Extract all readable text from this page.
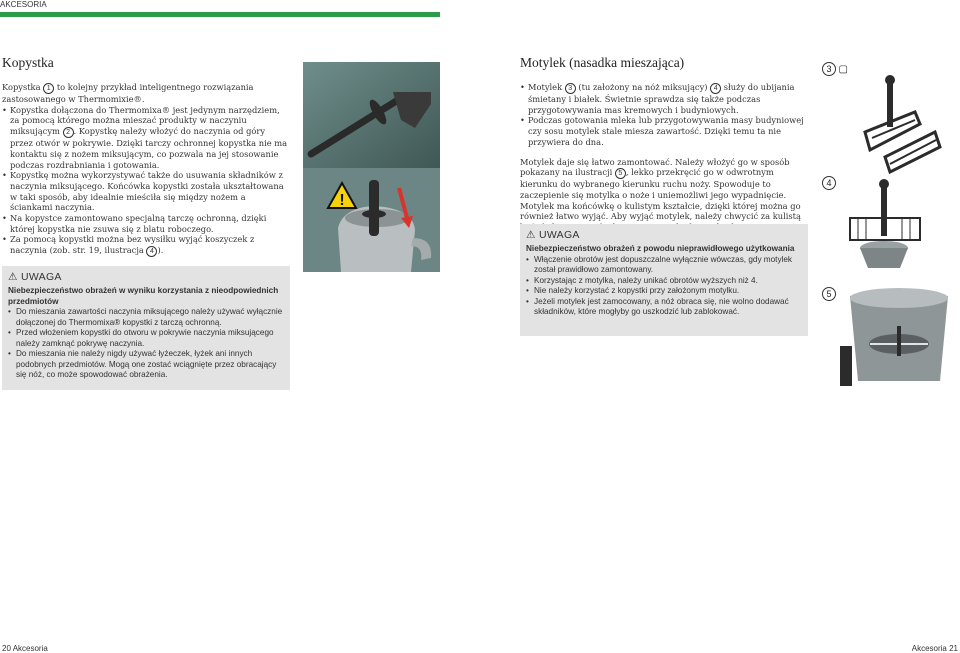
AKCESORIA
Kopystka
Kopystka 1 to kolejny przykład inteligentnego rozwiązania zastosowanego w Thermomixie®.
• Kopystka dołączona do Thermomixa® jest jedynym narzędziem, za pomocą którego można mieszać produkty w naczyniu miksującym 2 . Kopystkę należy włożyć do naczynia od góry przez otwór w pokrywie. Dzięki tarczy ochronnej kopystka nie ma kontaktu się z nożem miksującym, co pozwala na jej stosowanie podczas rozdrabniania i gotowania.
• Kopystkę można wykorzystywać także do usuwania składników z naczynia miksującego. Końcówka kopystki została ukształtowana w taki sposób, aby idealnie mieściła się między nożem a ściankami naczynia.
• Na kopystce zamontowano specjalną tarczę ochronną, dzięki której kopystka nie zsuwa się z blatu roboczego.
• Za pomocą kopystki można bez wysiłku wyjąć koszyczek z naczynia (zob. str. 19, ilustracja 4 ).
⚠ UWAGA
Niebezpieczeństwo obrażeń w wyniku korzystania z nieodpowiednich przedmiotów
• Do mieszania zawartości naczynia miksującego należy używać wyłącznie dołączonej do Thermomixa® kopystki z tarczą ochronną.
• Przed włożeniem kopystki do otworu w pokrywie naczynia miksującego należy zamknąć pokrywę naczynia.
• Do mieszania nie należy nigdy używać łyżeczek, łyżek ani innych podobnych przedmiotów. Mogą one zostać wciągnięte przez obracający się nóż, co może spowodować obrażenia.
!
Motylek (nasadka mieszająca)
• Motylek 3 (tu założony na nóż miksujący) 4 służy do ubijania śmietany i białek. Świetnie sprawdza się także podczas przygotowywania mas kremowych i budyniowych.
• Podczas gotowania mleka lub przygotowywania masy budyniowej czy sosu motylek stale miesza zawartość. Dzięki temu ta nie przywiera do dna.
Motylek daje się łatwo zamontować. Należy włożyć go w sposób pokazany na ilustracji 5 , lekko przekręcić go w odwrotnym kierunku do wybranego kierunku ruchu noży. Spowoduje to zaczepienie się motylka o noże i uniemożliwi jego wypadnięcie. Motylek ma końcówkę o kulistym kształcie, dzięki której można go również łatwo wyjąć. Aby wyjąć motylek, należy chwycić za kulistą
⚠ UWAGA
Niebezpieczeństwo obrażeń z powodu nieprawidłowego użytkowania
• Włączenie obrotów jest dopuszczalne wyłącznie wówczas, gdy motylek został prawidłowo zamontowany.
• Korzystając z motylka, należy unikać obrotów wyższych niż 4.
• Nie należy korzystać z kopystki przy założonym motylku.
• Jeżeli motylek jest zamocowany, a nóż obraca się, nie wolno dodawać składników, które mogłyby go uszkodzić lub zablokować.
3 ▢
4
5
20 Akcesoria	Akcesoria 21
